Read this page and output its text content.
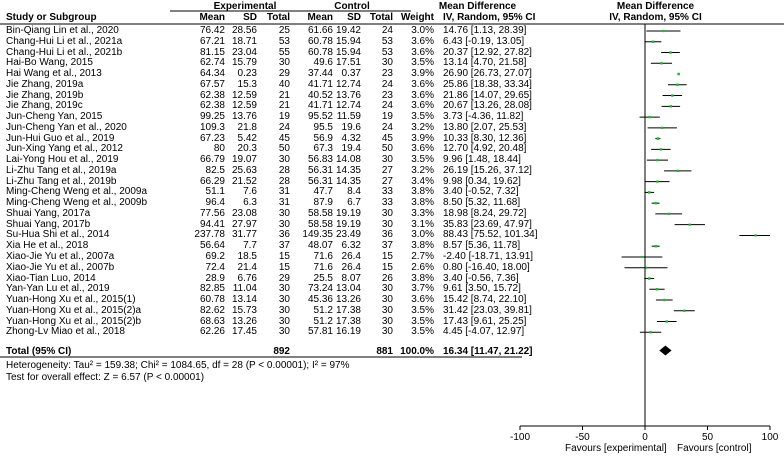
Experimental	Control	Mean Difference	Mean Difference
Study or Subgroup	Mean	SD Total	Mean	SD Total Weight IV, Random, 95% CI	IV, Random, 95% CI
Bin-Qiang Lin et al., 2020	76.42 28.56	25	61.66 19.42	24	3.0% 14.76 [1.13, 28.39]
Chang-Hui Li et al., 2021a	67.21 18.71	53	60.78 15.94	53	3.6% 6.43 [-0.19, 13.05]
Chang-Hui Li et al., 2021b	81.15 23.04	55	60.78 15.94	53	3.6% 20.37 [12.92, 27.82]
Hai-Bo Wang, 2015	62.74 15.79	30	49.6 17.51	30	3.5% 13.14 [4.70, 21.58]
Hai Wang et al., 2013	64.34	0.23	29	37.44 0.37	23	3.9% 26.90 [26.73, 27.07]
Jie Zhang, 2019a	67.57	15.3	40	41.71 12.74	24	3.6% 25.86 [18.38, 33.34]
Jie Zhang, 2019b	62.38 12.59	21	40.52 13.76	23	3.6% 21.86 [14.07, 29.65]
Jie Zhang, 2019c	62.38 12.59	21	41.71 12.74	24	3.6% 20.67 [13.26, 28.08]
Jun-Cheng Yan, 2015	99.25 13.76	19	95.52 11.59	19	3.5% 3.73 [-4.36, 11.82]
Jun-Cheng Yan et al., 2020	109.3	21.8	24	95.5 19.6	24	3.2% 13.80 [2.07, 25.53]
Jun-Hui Guo et al., 2019	67.23	5.42	45	56.9 4.32	45	3.9% 10.33 [8.30, 12.36]
Jun-Xing Yang et al., 2012	80	20.3	50	67.3 19.4	50	3.6% 12.70 [4.92, 20.48]
Lai-Yong Hou et al., 2019	66.79 19.07	30	56.83 14.08	30	3.5% 9.96 [1.48, 18.44]
Li-Zhu Tang et al., 2019a	82.5 25.63	28	56.31 14.35	27	3.2% 26.19 [15.26, 37.12]
Li-Zhu Tang et al., 2019b	66.29 21.52	28	56.31 14.35	27	3.4% 9.98 [0.34, 19.62]
Ming-Cheng Weng et al., 2009a	51.1	7.6	31	47.7	8.4	33	3.8% 3.40 [-0.52, 7.32]
Ming-Cheng Weng et al., 2009b	96.4	6.3	31	87.9	6.7	33	3.8% 8.50 [5.32, 11.68]
Shuai Yang, 2017a	77.56 23.08	30	58.58 19.19	30	3.3% 18.98 [8.24, 29.72]
Shuai Yang, 2017b	94.41 27.97	30	58.58 19.19	30	3.1% 35.83 [23.69, 47.97]
Su-Hua Shi et al., 2014	237.78 31.77	36	149.35 23.49	36	3.0% 88.43 [75.52, 101.34]
Xia He et al., 2018	56.64	7.7	37	48.07 6.32	37	3.8% 8.57 [5.36, 11.78]
Xiao-Jie Yu et al., 2007a	69.2	18.5	15	71.6 26.4	15	2.7% -2.40 [-18.71, 13.91]
Xiao-Jie Yu et al., 2007b	72.4	21.4	15	71.6 26.4	15	2.6% 0.80 [-16.40, 18.00]
Xiao-Tian Luo, 2014	28.9	6.76	29	25.5 8.07	26	3.8% 3.40 [-0.56, 7.36]
Yan-Yan Lu et al., 2019	82.85 11.04	30	73.24 13.04	30	3.7% 9.61 [3.50, 15.72]
Yuan-Hong Xu et al., 2015(1)	60.78 13.14	30	45.36 13.26	30	3.6% 15.42 [8.74, 22.10]
Yuan-Hong Xu et al., 2015(2)a	82.62 15.73	30	51.2 17.38	30	3.5% 31.42 [23.03, 39.81]
Yuan-Hong Xu et al., 2015(2)b	68.63 13.26	30	51.2 17.38	30	3.5% 17.43 [9.61, 25.25]
Zhong-Lv Miao et al., 2018	62.26 17.45	30	57.81 16.19	30	3.5% 4.45 [-4.07, 12.97]
Total (95% CI)	892	881 100.0% 16.34 [11.47, 21.22]
Heterogeneity: Tau² = 159.38; Chi² = 1084.65, df = 28 (P < 0.00001); I² = 97%
Test for overall effect: Z = 6.57 (P < 0.00001)
-100	-50	0	50	100
Favours [experimental] Favours [control]
